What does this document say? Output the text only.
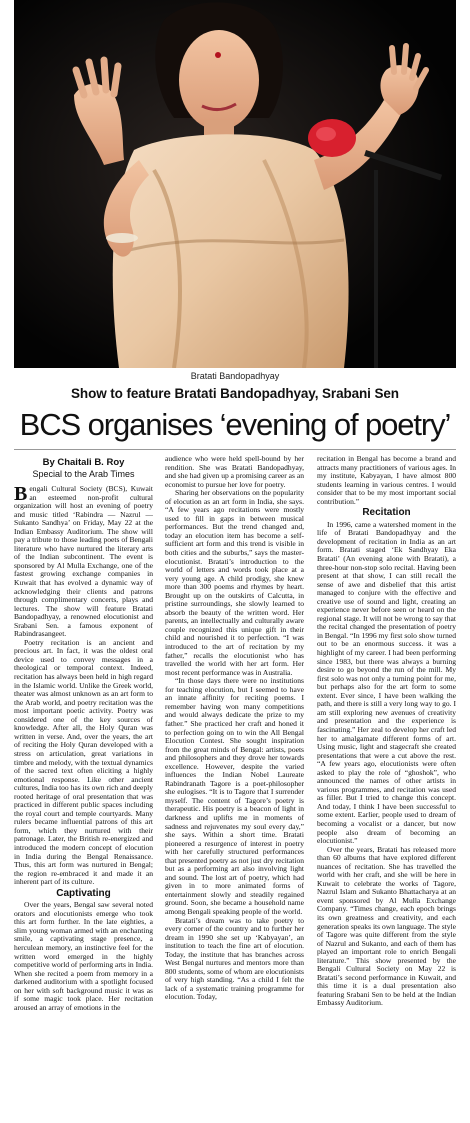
Bratati Bandopadhyay
Show to feature Bratati Bandopadhyay, Srabani Sen
BCS organises ‘evening of poetry’
By Chaitali B. Roy
Special to the Arab Times

Bengali Cultural Society (BCS), Kuwait an esteemed non-profit cultural organization will host an evening of poetry and music titled ‘Rabindra — Nazrul — Sukanto Sandhya’ on Friday, May 22 at the Indian Embassy Auditorium. The show will pay a tribute to those leading poets of Bengali literature who have nurtured the literary arts of the Indian subcontinent. The event is sponsored by Al Mulla Exchange, one of the fastest growing exchange companies in Kuwait that has evolved a dynamic way of acknowledging their clients and patrons through complimentary concerts, plays and lectures. The show will feature Bratati Bandopadhyay, a renowned elocutionist and Srabani Sen. a famous exponent of Rabindrasangeet.

Poetry recitation is an ancient and precious art. In fact, it was the oldest oral device used to convey messages in a theological or temporal context. Indeed, recitation has always been held in high regard in the Islamic world. Unlike the Greek world, theater was almost unknown as an art form to the Arab world, and poetry recitation was the most important poetic activity. Poetry was considered one of the key sources of knowledge. After all, the Holy Quran was written in verse. And, over the years, the art of reciting the Holy Quran developed with a stress on articulation, great variations in timbre and melody, with the textual dynamics of the sacred text often eliciting a highly emotional response. Like other ancient cultures, India too has its own rich and deeply rooted heritage of oral presentation that was practiced in different public spaces including the royal court and temple courtyards. Many rulers became influential patrons of this art form, which they nurtured with their patronage. Later, the British re-energized and introduced the modern concept of elocution in India during the Bengal Renaissance. Thus, this art form was nurtured in Bengal; the region re-embraced it and made it an inherent part of its culture.

Captivating

Over the years, Bengal saw several noted orators and elocutionists emerge who took this art form further. In the late eighties, a slim young woman armed with an enchanting smile, a captivating stage presence, a herculean memory, an instinctive feel for the written word emerged in the highly competitive world of performing arts in India. When she recited a poem from memory in a darkened auditorium with a spotlight focused on her with soft background music it was as if some magic took place. Her recitation aroused an array of emotions in the

audience who were held spell-bound by her rendition. She was Bratati Bandopadhyay, and she had given up a promising career as an economist to pursue her love for poetry.

Sharing her observations on the popularity of elocution as an art form in India, she says. “A few years ago recitations were mostly used to fill in gaps in between musical performances. But the trend changed and, today an elocution item has become a self-sufficient art form and this trend is visible in both cities and the suburbs,” says the master-elocutionist. Bratati’s introduction to the world of letters and words took place at a very young age. A child prodigy, she knew more than 300 poems and rhymes by heart. Brought up on the outskirts of Calcutta, in pristine surroundings, she slowly learned to absorb the beauty of the written word. Her parents, an intellectually and culturally aware couple recognized this unique gift in their child and nourished it to perfection. “I was introduced to the art of recitation by my father,” recalls the elocutionist who has travelled the world with her art form. Her most recent performance was in Australia.

“In those days there were no institutions for teaching elocution, but I seemed to have an innate affinity for reciting poems. I remember having won many competitions and would always dedicate the prize to my father.” She practiced her craft and honed it to perfection going on to win the All Bengal Elocution Contest. She sought inspiration from the great minds of Bengal: artists, poets and philosophers and they drove her towards excellence. However, despite the varied influences the Indian Nobel Laureate Rabindranath Tagore is a poet-philosopher she eulogises. “It is to Tagore that I surrender myself. The content of Tagore’s poetry is therapeutic. His poetry is a beacon of light in darkness and uplifts me in moments of sadness and rejuvenates my soul every day,” she says. Within a short time. Bratati pioneered a resurgence of interest in poetry with her carefully structured performances that presented poetry as not just dry recitation but as a performing art also involving light and sound. The lost art of poetry, which had given in to more animated forms of entertainment slowly and steadily regained ground. Soon, she became a household name among Bengali speaking people of the world.

Bratati’s dream was to take poetry to every corner of the country and to further her dream in 1990 she set up ‘Kabyayan’, an institution to teach the fine art of elocution. Today, the institute that has branches across West Bengal nurtures and mentors more than 800 students, some of whom are elocutionists of very high standing. “As a child I felt the lack of a systematic training programme for elocution. Today,

recitation in Bengal has become a brand and attracts many practitioners of various ages. In my institute, Kabyayan, I have almost 800 students learning in various centres. I would consider that to be my most important social contribution.”

Recitation

In 1996, came a watershed moment in the life of Bratati Bandopadhyay and the development of recitation in India as an art form. Bratati staged ‘Ek Sandhyay Eka Bratati’ (An evening alone with Bratati), a three-hour non-stop solo recital. Having been present at that show, I can still recall the sense of awe and disbelief that this artist managed to conjure with the effective and creative use of sound and light, creating an experience never before seen or heard on the regional stage. It will not be wrong to say that the recital changed the presentation of poetry in Bengal. “In 1996 my first solo show turned out to be an enormous success. it was a highlight of my career. I had been performing since 1983, but there was always a burning desire to go beyond the run of the mill. My first solo was not only a turning point for me, but perhaps also for the art form to some extent. Ever since, I have been walking the path, and there is still a very long way to go. I am still exploring new avenues of creativity and presentation and the experience is fascinating.” Her zeal to develop her craft led her to amalgamate different forms of art. Using music, light and stagecraft she created presentations that were a cut above the rest. “A few years ago, elocutionists were often asked to play the role of “ghoshok”, who announced the names of other artists in various programmes, and recitation was used as filler. But I tried to change this concept. And today, I think I have been successful to some extent. Earlier, people used to dream of becoming a vocalist or a dancer, but now people also dream of becoming an elocutionist.”

Over the years, Bratati has released more than 60 albums that have explored different nuances of recitation. She has travelled the world with her craft, and she will be here in Kuwait to celebrate the works of Tagore, Nazrul Islam and Sukanto Bhattacharya at an event sponsored by Al Mulla Exchange Company. “Times change, each epoch brings its own greatness and creativity, and each generation speaks its own language. The style of Tagore was quite different from the style of Nazrul and Sukanto, and each of them has played an important role to enrich Bengali literature.” This show presented by the Bengali Cultural Society on May 22 is Bratati’s second performance in Kuwait, and this time it is a dual presentation also featuring Srabani Sen to be held at the Indian Embassy Auditorium.
